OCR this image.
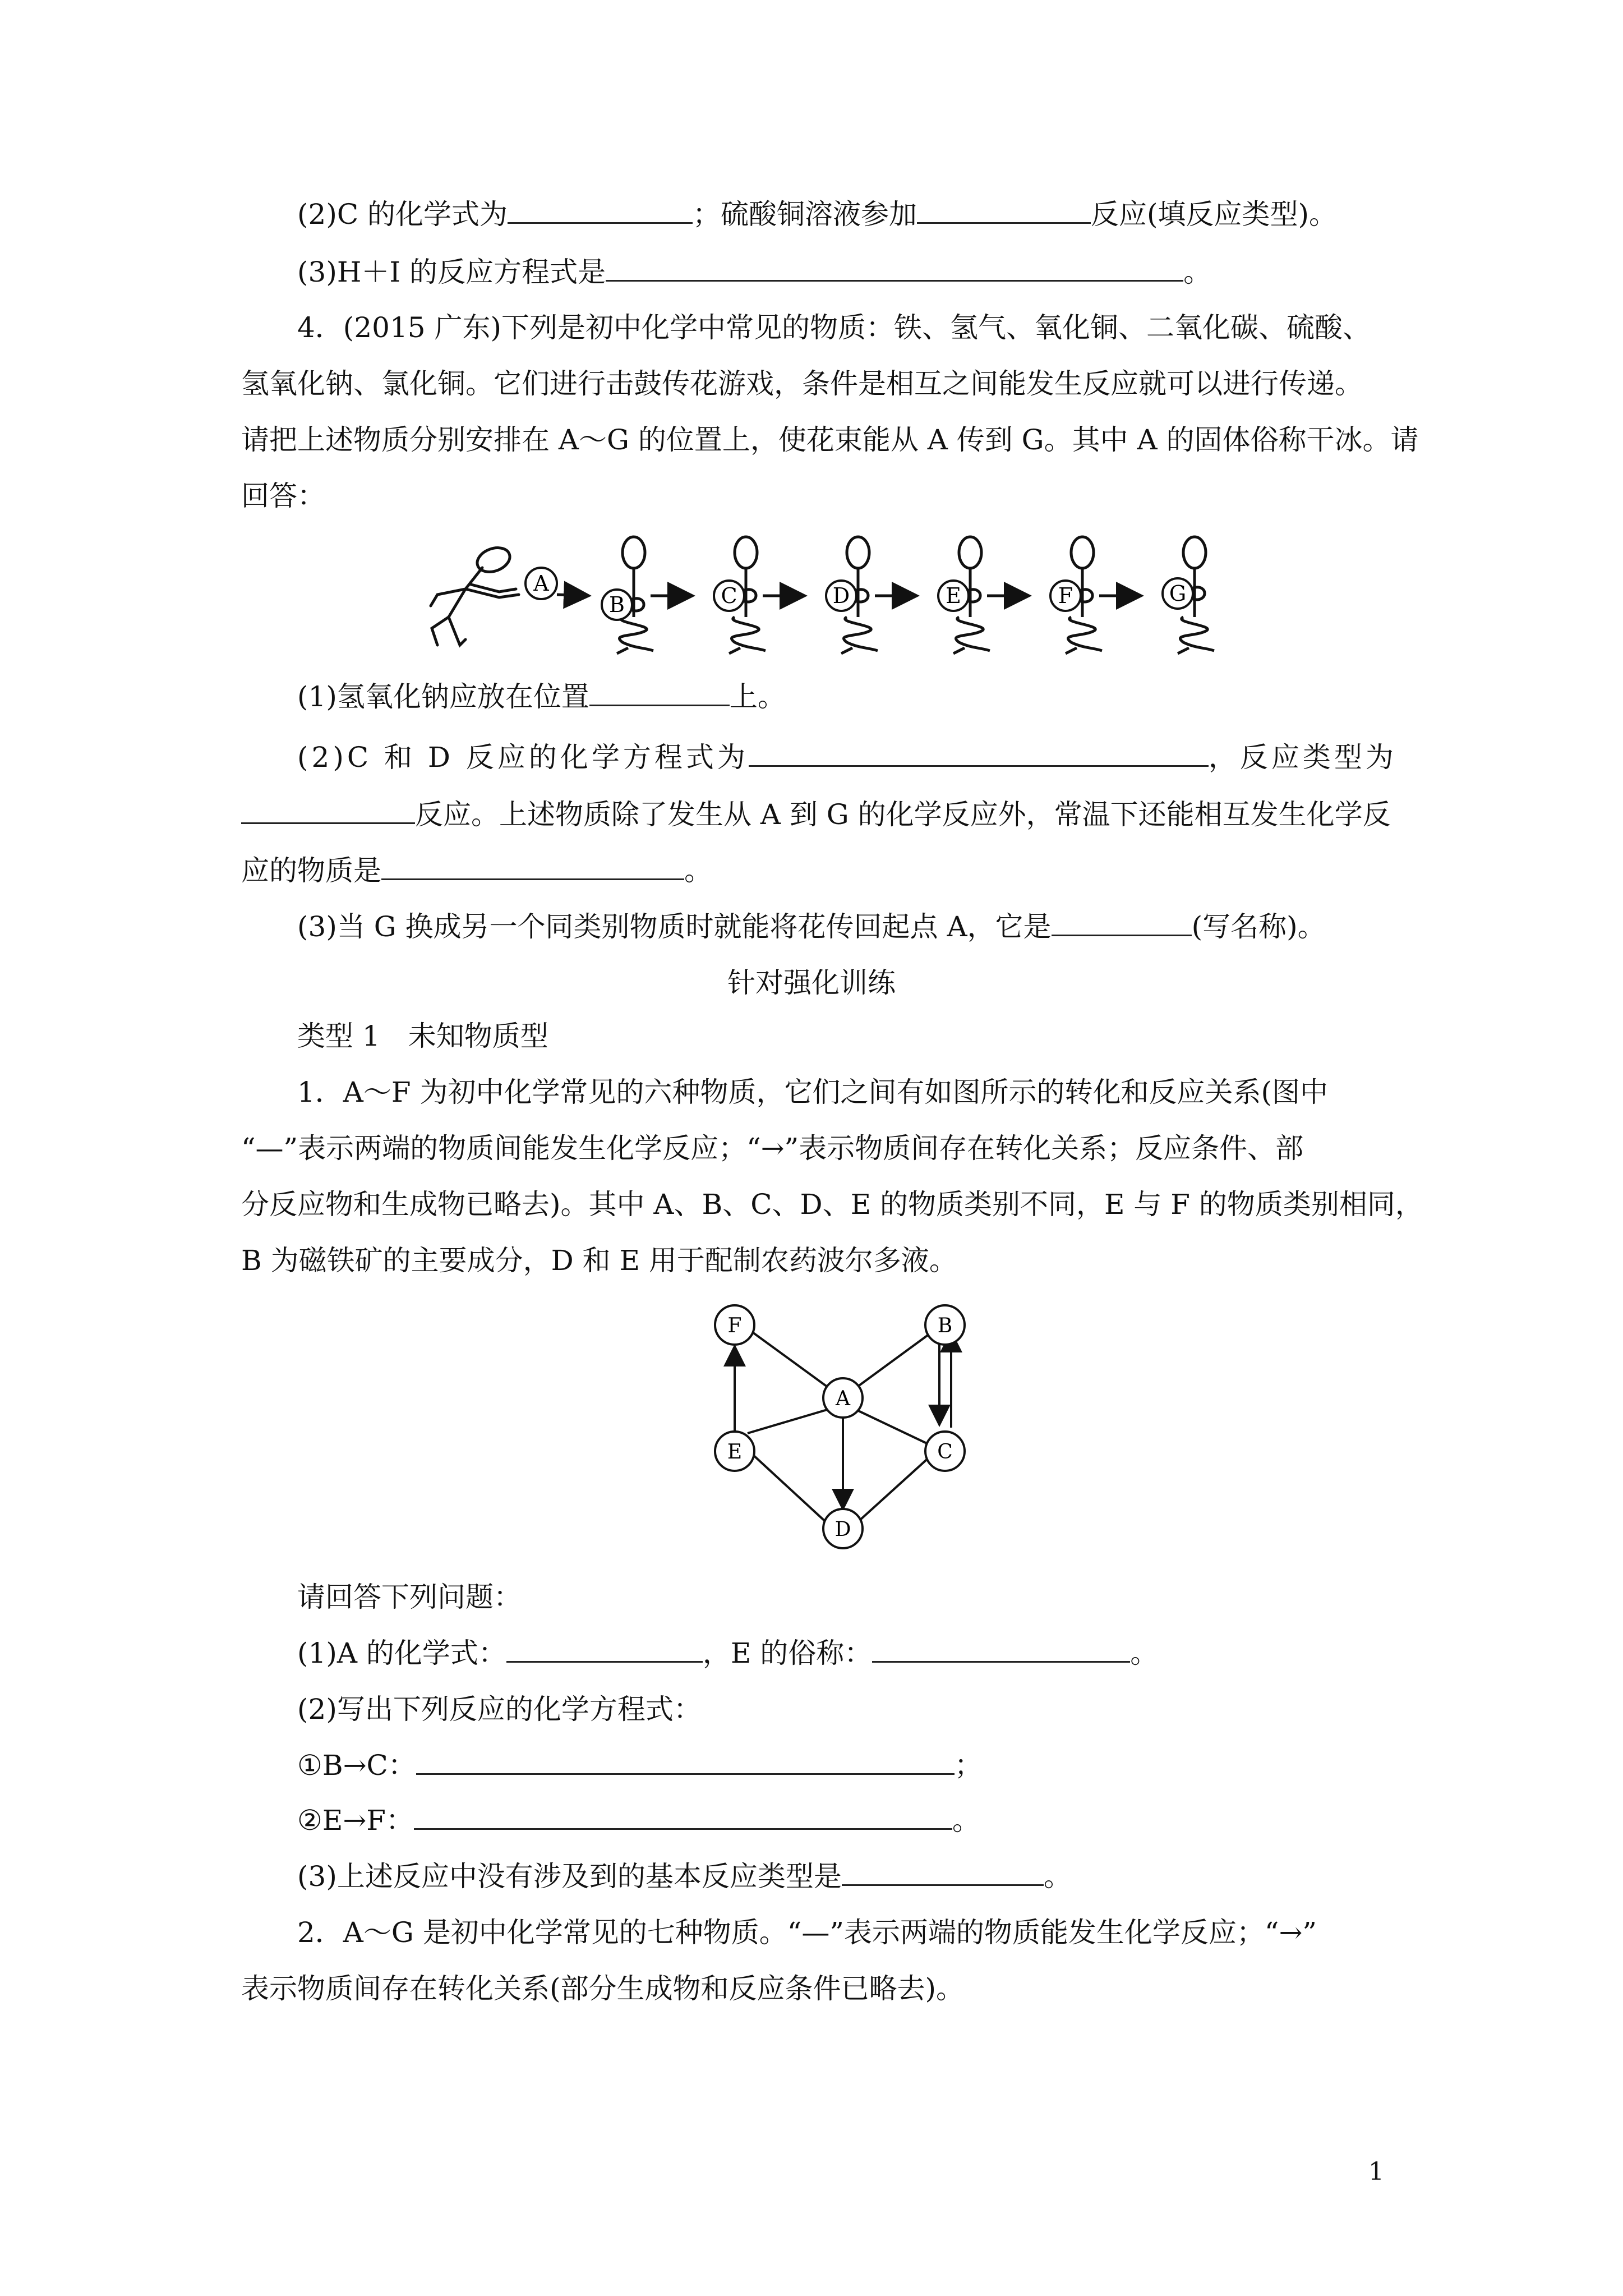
(2)C 的化学式为	；硫酸铜溶液参加	反应(填反应类型)。

(3)H＋I 的反应方程式是	。

4．(2015 广东)下列是初中化学中常见的物质：铁、氢气、氧化铜、二氧化碳、硫酸、

氢氧化钠、氯化铜。它们进行击鼓传花游戏，条件是相互之间能发生反应就可以进行传递。

请把上述物质分别安排在 A～G 的位置上，使花束能从 A 传到 G。其中 A 的固体俗称干冰。请

回答：

A
B	C	D	E	F	G

(1)氢氧化钠应放在位置	上。

(2)C 和 D 反应的化学方程式为	，反应类型为

反应。上述物质除了发生从 A 到 G 的化学反应外，常温下还能相互发生化学反

应的物质是	。

(3)当 G 换成另一个同类别物质时就能将花传回起点 A，它是	(写名称)。

针对强化训练

类型 1　未知物质型

1．A～F 为初中化学常见的六种物质，它们之间有如图所示的转化和反应关系(图中

“—”表示两端的物质间能发生化学反应；“→”表示物质间存在转化关系；反应条件、部

分反应物和生成物已略去)。其中 A、B、C、D、E 的物质类别不同，E 与 F 的物质类别相同，

B 为磁铁矿的主要成分，D 和 E 用于配制农药波尔多液。

F	B
A
E	C
D

请回答下列问题：

(1)A 的化学式：	，E 的俗称：	。

(2)写出下列反应的化学方程式：

①B→C：	；

②E→F：	。

(3)上述反应中没有涉及到的基本反应类型是	。

2．A～G 是初中化学常见的七种物质。“—”表示两端的物质能发生化学反应；“→”

表示物质间存在转化关系(部分生成物和反应条件已略去)。

1
